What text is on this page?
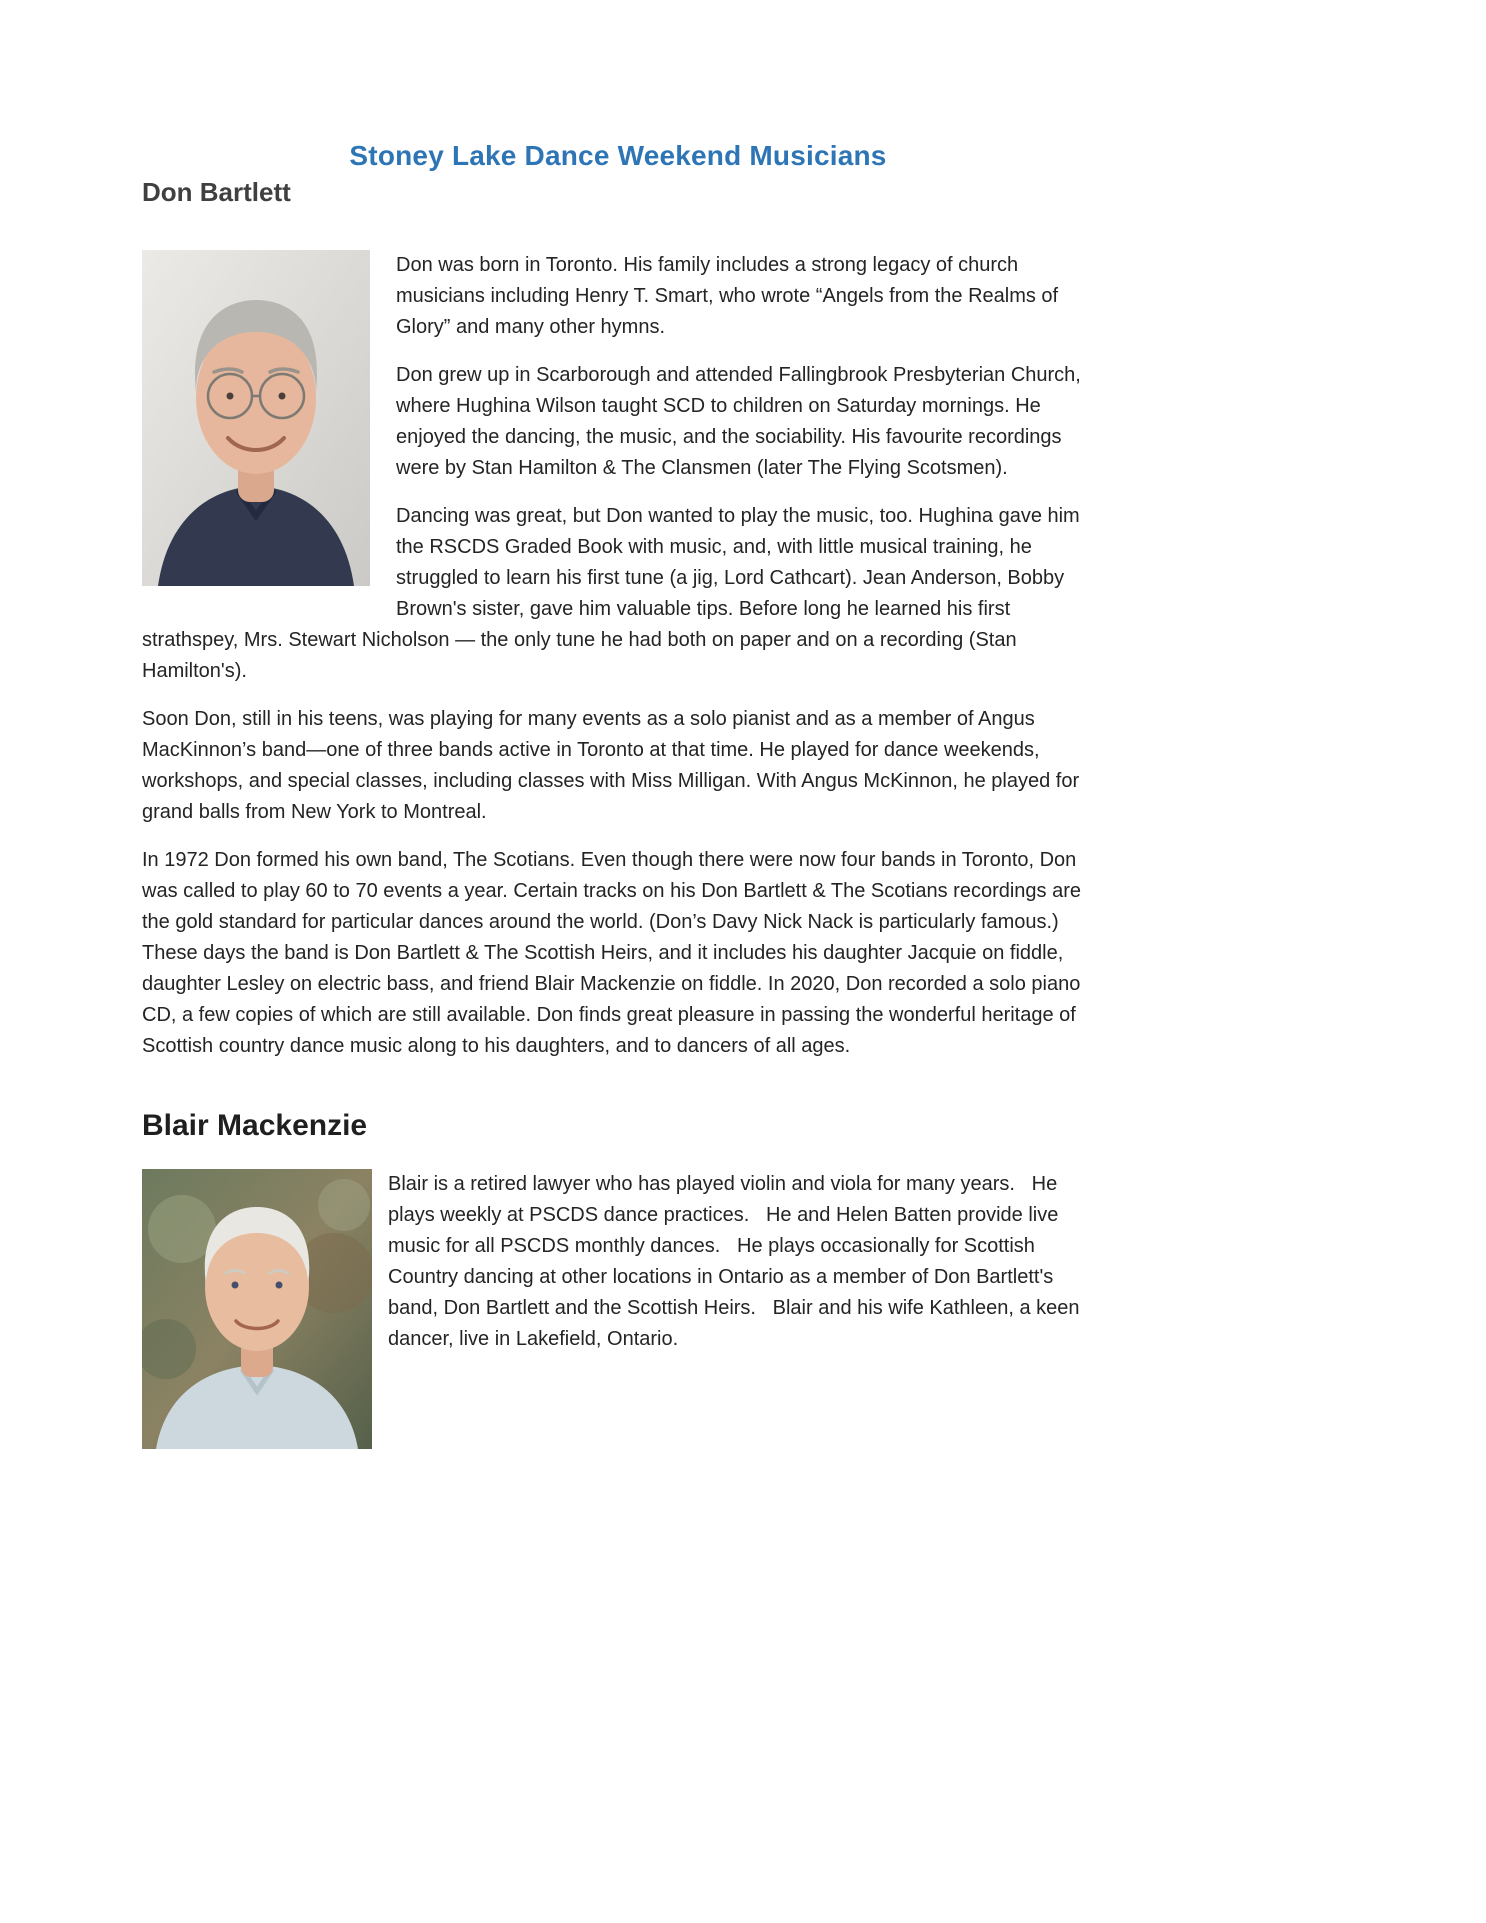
Stoney Lake Dance Weekend Musicians
Don Bartlett

Don was born in Toronto. His family includes a strong legacy of church musicians including Henry T. Smart, who wrote “Angels from the Realms of Glory” and many other hymns.

Don grew up in Scarborough and attended Fallingbrook Presbyterian Church, where Hughina Wilson taught SCD to children on Saturday mornings. He enjoyed the dancing, the music, and the sociability. His favourite recordings were by Stan Hamilton & The Clansmen (later The Flying Scotsmen).

Dancing was great, but Don wanted to play the music, too. Hughina gave him the RSCDS Graded Book with music, and, with little musical training, he struggled to learn his first tune (a jig, Lord Cathcart). Jean Anderson, Bobby Brown's sister, gave him valuable tips. Before long he learned his first strathspey, Mrs. Stewart Nicholson — the only tune he had both on paper and on a recording (Stan Hamilton's).

Soon Don, still in his teens, was playing for many events as a solo pianist and as a member of Angus MacKinnon’s band—one of three bands active in Toronto at that time. He played for dance weekends, workshops, and special classes, including classes with Miss Milligan. With Angus McKinnon, he played for grand balls from New York to Montreal.

In 1972 Don formed his own band, The Scotians. Even though there were now four bands in Toronto, Don was called to play 60 to 70 events a year. Certain tracks on his Don Bartlett & The Scotians recordings are the gold standard for particular dances around the world. (Don’s Davy Nick Nack is particularly famous.) These days the band is Don Bartlett & The Scottish Heirs, and it includes his daughter Jacquie on fiddle, daughter Lesley on electric bass, and friend Blair Mackenzie on fiddle. In 2020, Don recorded a solo piano CD, a few copies of which are still available. Don finds great pleasure in passing the wonderful heritage of Scottish country dance music along to his daughters, and to dancers of all ages.

Blair Mackenzie

Blair is a retired lawyer who has played violin and viola for many years.   He plays weekly at PSCDS dance practices.   He and Helen Batten provide live music for all PSCDS monthly dances.   He plays occasionally for Scottish Country dancing at other locations in Ontario as a member of Don Bartlett's band, Don Bartlett and the Scottish Heirs.   Blair and his wife Kathleen, a keen dancer, live in Lakefield, Ontario.
